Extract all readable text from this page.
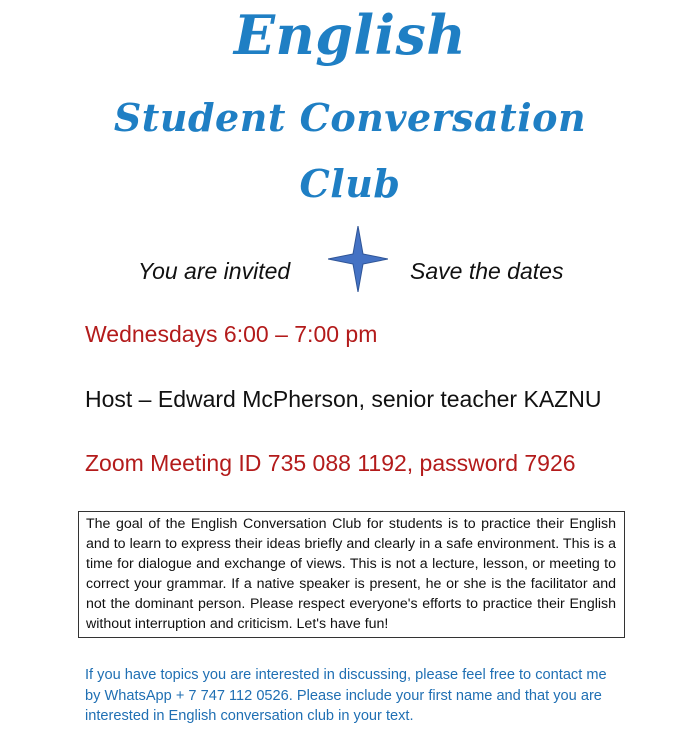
English
Student Conversation
Club
You are invited	Save the dates
Wednesdays 6:00 – 7:00 pm
Host – Edward McPherson, senior teacher KAZNU
Zoom Meeting ID 735 088 1192, password 7926
The goal of the English Conversation Club for students is to practice their English and to learn to express their ideas briefly and clearly in a safe environment. This is a time for dialogue and exchange of views. This is not a lecture, lesson, or meeting to correct your grammar. If a native speaker is present, he or she is the facilitator and not the dominant person. Please respect everyone's efforts to practice their English without interruption and criticism. Let's have fun!
If you have topics you are interested in discussing, please feel free to contact me by WhatsApp + 7 747 112 0526. Please include your first name and that you are interested in English conversation club in your text.
